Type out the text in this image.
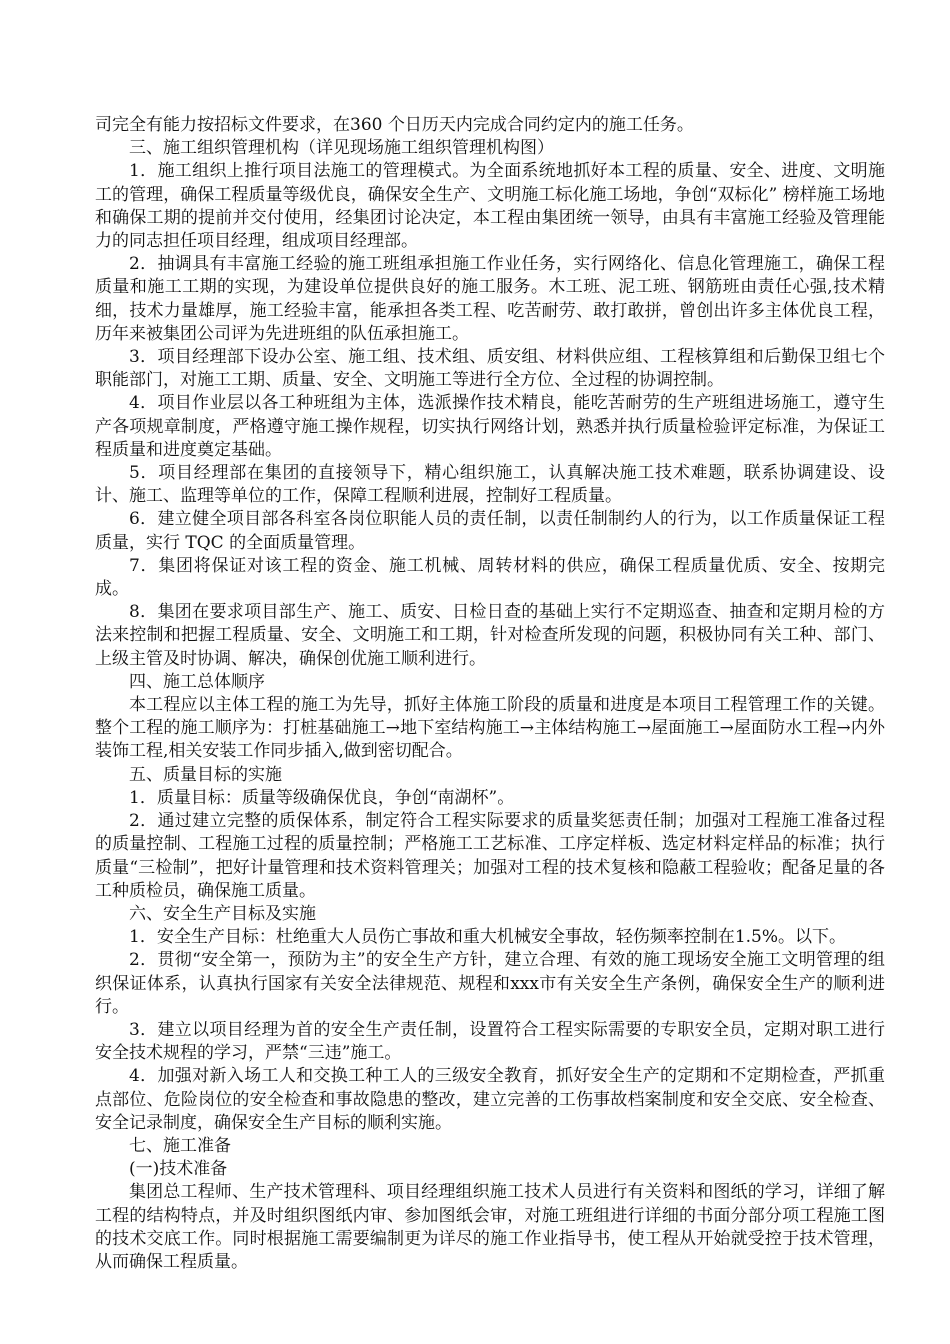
司完全有能力按招标文件要求，在360 个日历天内完成合同约定内的施工任务。

三、施工组织管理机构（详见现场施工组织管理机构图）

1．施工组织上推行项目法施工的管理模式。为全面系统地抓好本工程的质量、安全、进度、文明施工的管理，确保工程质量等级优良，确保安全生产、文明施工标化施工场地，争创“双标化” 榜样施工场地和确保工期的提前并交付使用，经集团讨论决定，本工程由集团统一领导，由具有丰富施工经验及管理能力的同志担任项目经理，组成项目经理部。

2．抽调具有丰富施工经验的施工班组承担施工作业任务，实行网络化、信息化管理施工，确保工程质量和施工工期的实现，为建设单位提供良好的施工服务。木工班、泥工班、钢筋班由责任心强,技术精细，技术力量雄厚，施工经验丰富，能承担各类工程、吃苦耐劳、敢打敢拼，曾创出许多主体优良工程，历年来被集团公司评为先进班组的队伍承担施工。

3．项目经理部下设办公室、施工组、技术组、质安组、材料供应组、工程核算组和后勤保卫组七个职能部门，对施工工期、质量、安全、文明施工等进行全方位、全过程的协调控制。

4．项目作业层以各工种班组为主体，选派操作技术精良，能吃苦耐劳的生产班组进场施工，遵守生产各项规章制度，严格遵守施工操作规程，切实执行网络计划，熟悉并执行质量检验评定标准，为保证工程质量和进度奠定基础。

5．项目经理部在集团的直接领导下，精心组织施工，认真解决施工技术难题，联系协调建设、设计、施工、监理等单位的工作，保障工程顺利进展，控制好工程质量。

6．建立健全项目部各科室各岗位职能人员的责任制，以责任制制约人的行为，以工作质量保证工程质量，实行 TQC 的全面质量管理。

7．集团将保证对该工程的资金、施工机械、周转材料的供应，确保工程质量优质、安全、按期完成。

8．集团在要求项目部生产、施工、质安、日检日查的基础上实行不定期巡查、抽查和定期月检的方法来控制和把握工程质量、安全、文明施工和工期，针对检查所发现的问题，积极协同有关工种、部门、上级主管及时协调、解决，确保创优施工顺利进行。

四、施工总体顺序

本工程应以主体工程的施工为先导，抓好主体施工阶段的质量和进度是本项目工程管理工作的关键。整个工程的施工顺序为：打桩基础施工→地下室结构施工→主体结构施工→屋面施工→屋面防水工程→内外装饰工程,相关安装工作同步插入,做到密切配合。

五、质量目标的实施

1．质量目标：质量等级确保优良，争创“南湖杯”。

2．通过建立完整的质保体系，制定符合工程实际要求的质量奖惩责任制；加强对工程施工准备过程的质量控制、工程施工过程的质量控制；严格施工工艺标准、工序定样板、选定材料定样品的标准；执行质量“三检制”，把好计量管理和技术资料管理关；加强对工程的技术复核和隐蔽工程验收；配备足量的各工种质检员，确保施工质量。

六、安全生产目标及实施

1．安全生产目标：杜绝重大人员伤亡事故和重大机械安全事故，轻伤频率控制在1.5%。以下。

2．贯彻“安全第一，预防为主”的安全生产方针，建立合理、有效的施工现场安全施工文明管理的组织保证体系，认真执行国家有关安全法律规范、规程和xxx市有关安全生产条例，确保安全生产的顺利进行。

3．建立以项目经理为首的安全生产责任制，设置符合工程实际需要的专职安全员，定期对职工进行安全技术规程的学习，严禁“三违”施工。

4．加强对新入场工人和交换工种工人的三级安全教育，抓好安全生产的定期和不定期检查，严抓重点部位、危险岗位的安全检查和事故隐患的整改，建立完善的工伤事故档案制度和安全交底、安全检查、安全记录制度，确保安全生产目标的顺利实施。

七、施工准备

(一)技术准备

集团总工程师、生产技术管理科、项目经理组织施工技术人员进行有关资料和图纸的学习，详细了解工程的结构特点，并及时组织图纸内审、参加图纸会审，对施工班组进行详细的书面分部分项工程施工图的技术交底工作。同时根据施工需要编制更为详尽的施工作业指导书，使工程从开始就受控于技术管理，从而确保工程质量。
